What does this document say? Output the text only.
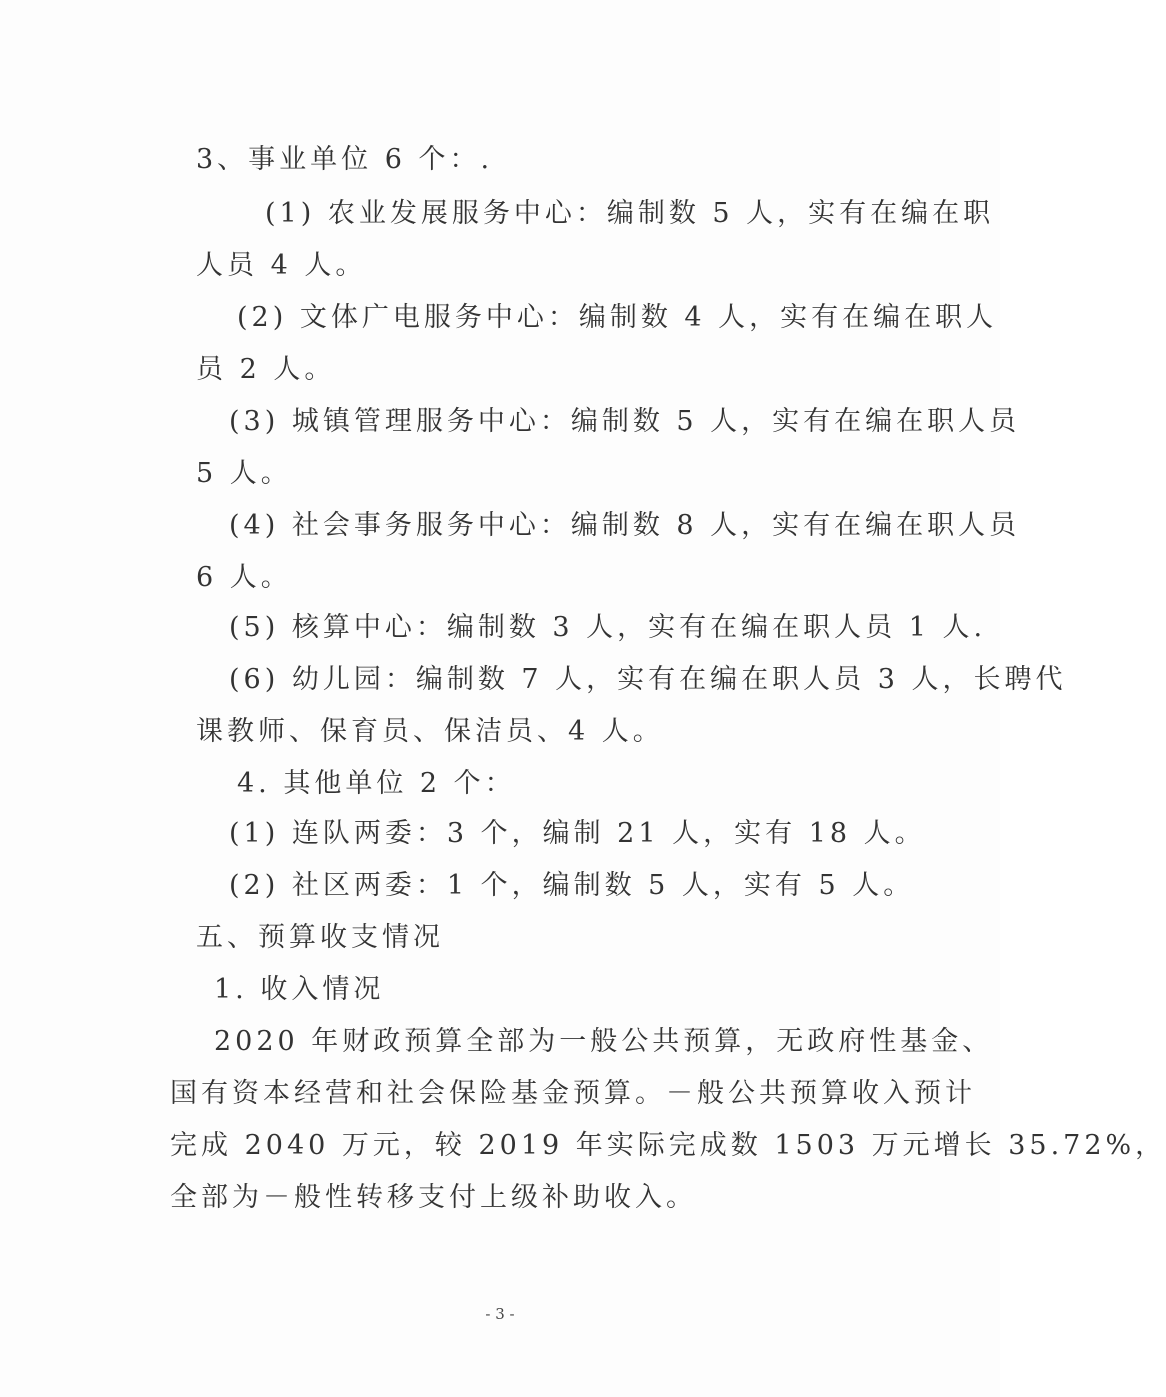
3、事业单位 6 个：.
(1) 农业发展服务中心：编制数 5 人，实有在编在职
人员 4 人。
(2) 文体广电服务中心：编制数 4 人，实有在编在职人
员 2 人。
(3) 城镇管理服务中心：编制数 5 人，实有在编在职人员
5 人。
(4) 社会事务服务中心：编制数 8 人，实有在编在职人员
6 人。
(5) 核算中心：编制数 3 人，实有在编在职人员 1 人.
(6) 幼儿园：编制数 7 人，实有在编在职人员 3 人，长聘代
课教师、保育员、保洁员、4 人。
4. 其他单位 2 个：
(1) 连队两委：3 个，编制 21 人，实有 18 人。
(2) 社区两委：1 个，编制数 5 人，实有 5 人。
五、预算收支情况
1. 收入情况
2020 年财政预算全部为一般公共预算，无政府性基金、
国有资本经营和社会保险基金预算。－般公共预算收入预计
完成 2040 万元，较 2019 年实际完成数 1503 万元增长 35.72%，
全部为－般性转移支付上级补助收入。
- 3 -
